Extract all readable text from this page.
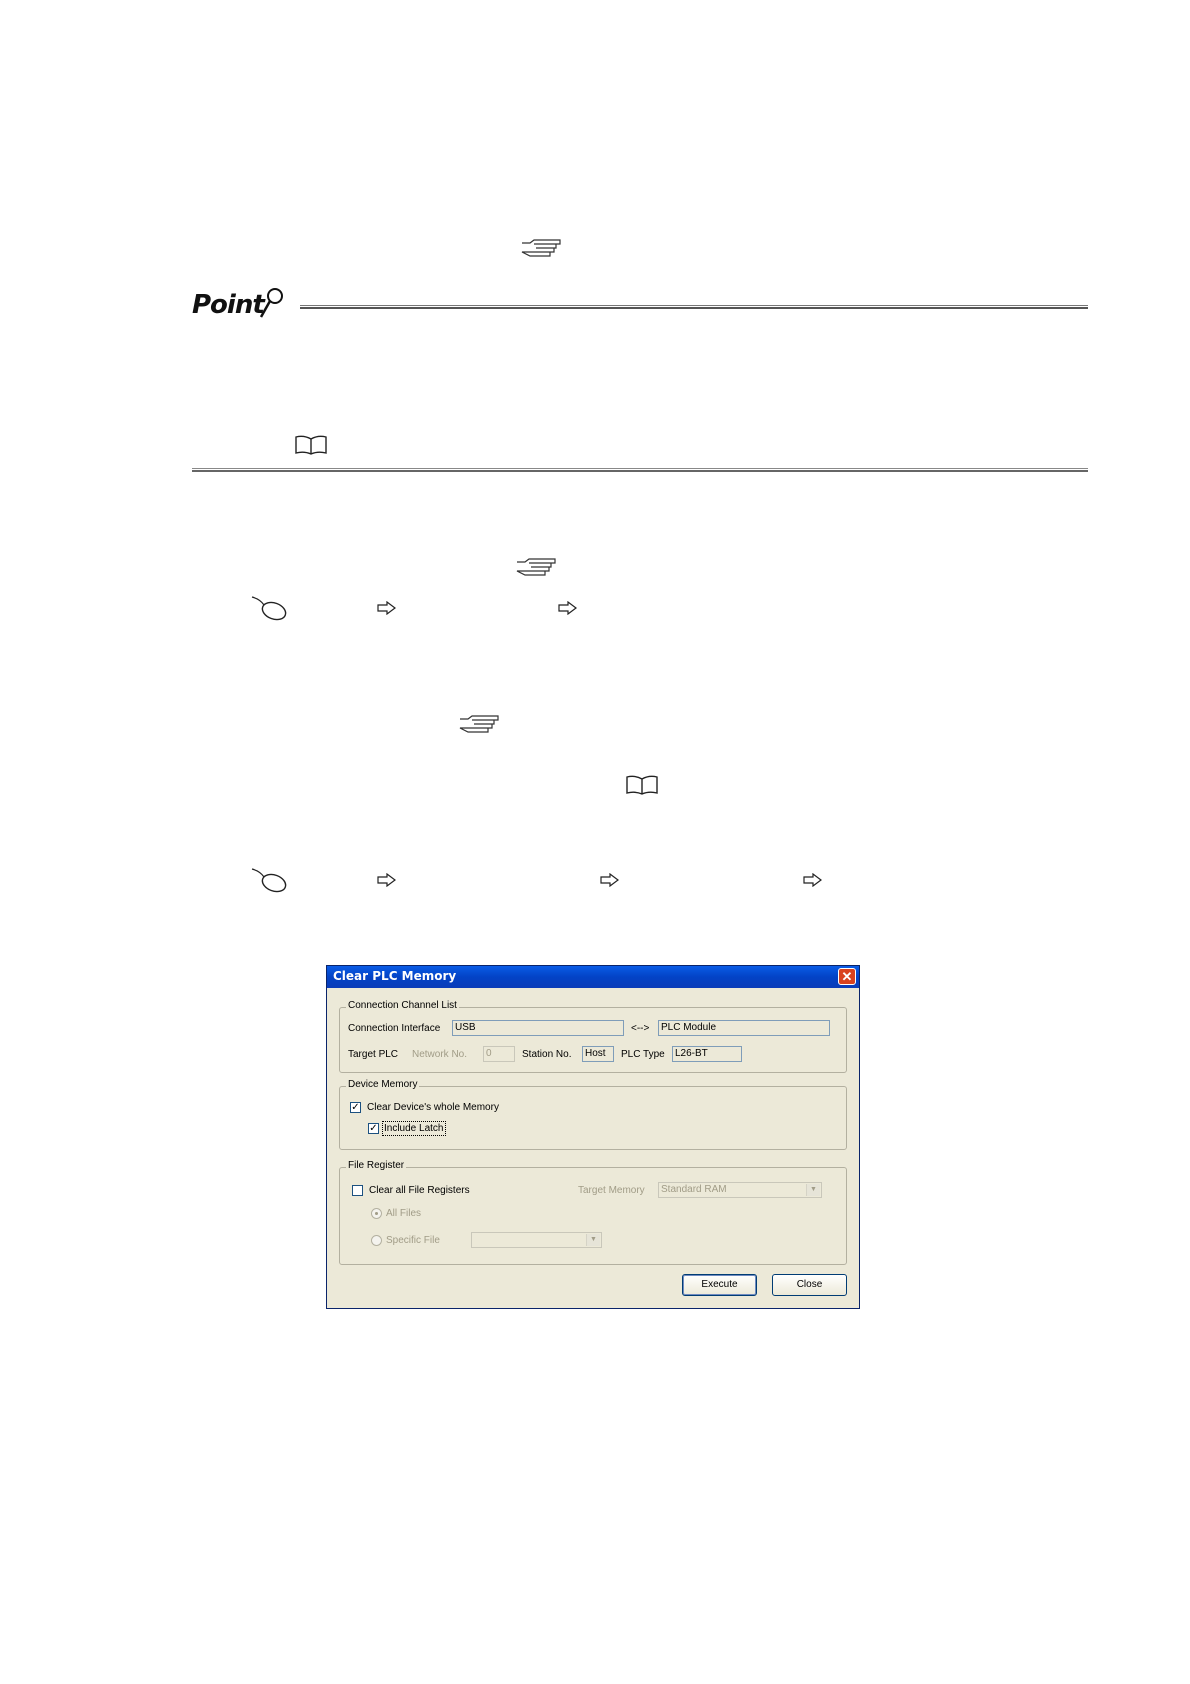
Point
Clear PLC Memory	✕
Connection Channel List
Connection Interface	USB	<-->	PLC Module
Target PLC Network No.	0	Station No.	Host	PLC Type	L26-BT
Device Memory
✓ Clear Device's whole Memory
✓ Include Latch
File Register
Clear all File Registers	Target Memory	Standard RAM	▼
All Files
Specific File	▼
Execute	Close
